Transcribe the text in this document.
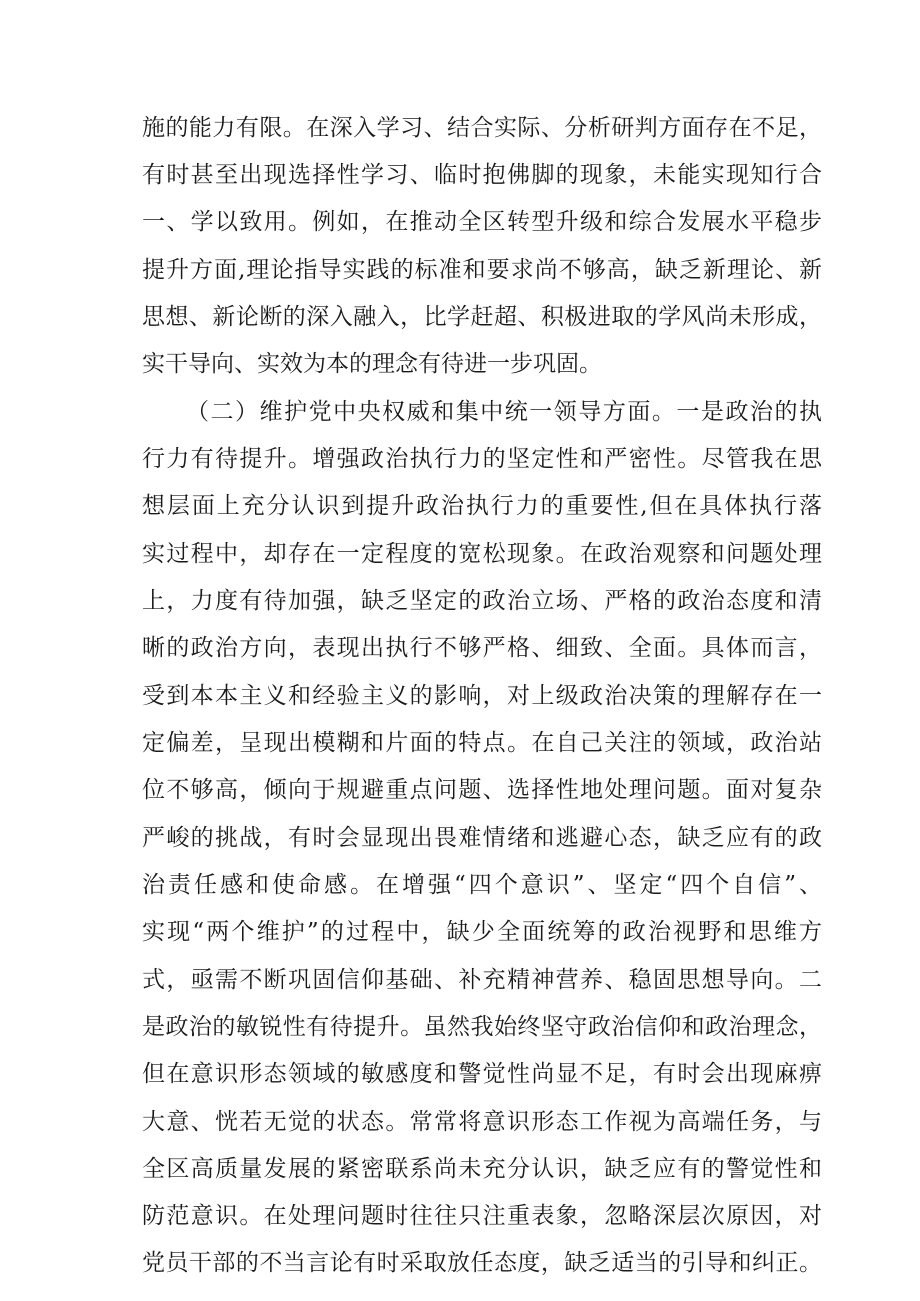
施的能力有限。在深入学习、结合实际、分析研判方面存在不足，
有时甚至出现选择性学习、临时抱佛脚的现象，未能实现知行合
一、学以致用。例如，在推动全区转型升级和综合发展水平稳步
提升方面,理论指导实践的标准和要求尚不够高，缺乏新理论、新
思想、新论断的深入融入，比学赶超、积极进取的学风尚未形成，
实干导向、实效为本的理念有待进一步巩固。
（二）维护党中央权威和集中统一领导方面。一是政治的执
行力有待提升。增强政治执行力的坚定性和严密性。尽管我在思
想层面上充分认识到提升政治执行力的重要性,但在具体执行落
实过程中，却存在一定程度的宽松现象。在政治观察和问题处理
上，力度有待加强，缺乏坚定的政治立场、严格的政治态度和清
晰的政治方向，表现出执行不够严格、细致、全面。具体而言，
受到本本主义和经验主义的影响，对上级政治决策的理解存在一
定偏差，呈现出模糊和片面的特点。在自己关注的领域，政治站
位不够高，倾向于规避重点问题、选择性地处理问题。面对复杂
严峻的挑战，有时会显现出畏难情绪和逃避心态，缺乏应有的政
治责任感和使命感。在增强“四个意识”、坚定“四个自信”、
实现“两个维护”的过程中，缺少全面统筹的政治视野和思维方
式，亟需不断巩固信仰基础、补充精神营养、稳固思想导向。二
是政治的敏锐性有待提升。虽然我始终坚守政治信仰和政治理念，
但在意识形态领域的敏感度和警觉性尚显不足，有时会出现麻痹
大意、恍若无觉的状态。常常将意识形态工作视为高端任务，与
全区高质量发展的紧密联系尚未充分认识，缺乏应有的警觉性和
防范意识。在处理问题时往往只注重表象，忽略深层次原因，对
党员干部的不当言论有时采取放任态度，缺乏适当的引导和纠正。
